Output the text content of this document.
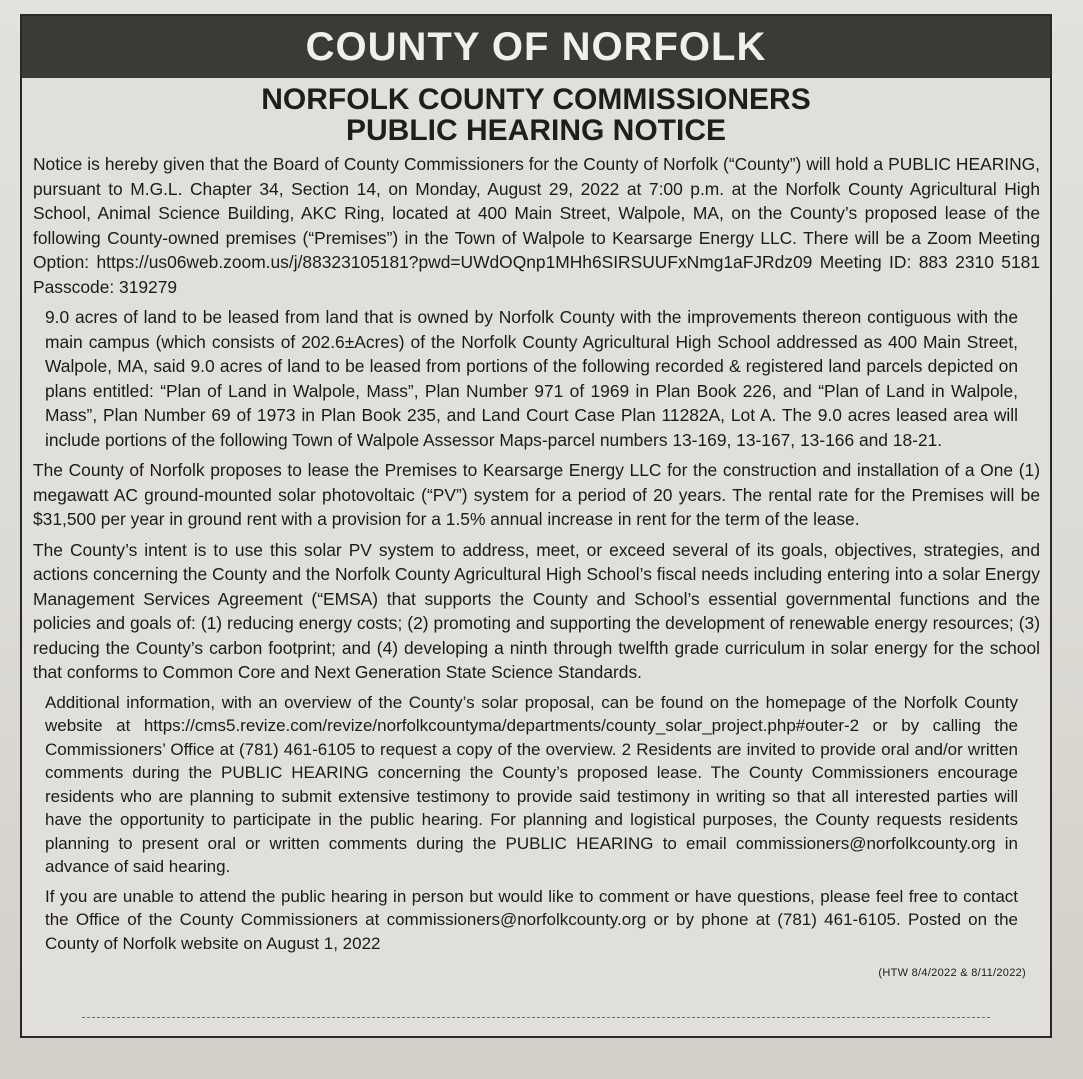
COUNTY OF NORFOLK
NORFOLK COUNTY COMMISSIONERS
PUBLIC HEARING NOTICE

Notice is hereby given that the Board of County Commissioners for the County of Norfolk (“County”) will hold a PUBLIC HEARING, pursuant to M.G.L. Chapter 34, Section 14, on Monday, August 29, 2022 at 7:00 p.m. at the Norfolk County Agricultural High School, Animal Science Building, AKC Ring, located at 400 Main Street, Walpole, MA, on the County’s proposed lease of the following County-owned premises (“Premises”) in the Town of Walpole to Kearsarge Energy LLC. There will be a Zoom Meeting Option: https://us06web.zoom.us/j/88323105181?pwd=UWdOQnp1MHh6SIRSUUFxNmg1aFJRdz09 Meeting ID: 883 2310 5181 Passcode: 319279

9.0 acres of land to be leased from land that is owned by Norfolk County with the improvements thereon contiguous with the main campus (which consists of 202.6±Acres) of the Norfolk County Agricultural High School addressed as 400 Main Street, Walpole, MA, said 9.0 acres of land to be leased from portions of the following recorded & registered land parcels depicted on plans entitled: “Plan of Land in Walpole, Mass”, Plan Number 971 of 1969 in Plan Book 226, and “Plan of Land in Walpole, Mass”, Plan Number 69 of 1973 in Plan Book 235, and Land Court Case Plan 11282A, Lot A. The 9.0 acres leased area will include portions of the following Town of Walpole Assessor Maps-parcel numbers 13-169, 13-167, 13-166 and 18-21.

The County of Norfolk proposes to lease the Premises to Kearsarge Energy LLC for the construction and installation of a One (1) megawatt AC ground-mounted solar photovoltaic (“PV”) system for a period of 20 years. The rental rate for the Premises will be $31,500 per year in ground rent with a provision for a 1.5% annual increase in rent for the term of the lease.

The County’s intent is to use this solar PV system to address, meet, or exceed several of its goals, objectives, strategies, and actions concerning the County and the Norfolk County Agricultural High School’s fiscal needs including entering into a solar Energy Management Services Agreement (“EMSA) that supports the County and School’s essential governmental functions and the policies and goals of: (1) reducing energy costs; (2) promoting and supporting the development of renewable energy resources; (3) reducing the County’s carbon footprint; and (4) developing a ninth through twelfth grade curriculum in solar energy for the school that conforms to Common Core and Next Generation State Science Standards.

Additional information, with an overview of the County’s solar proposal, can be found on the homepage of the Norfolk County website at https://cms5.revize.com/revize/norfolkcountyma/departments/county_solar_project.php#outer-2 or by calling the Commissioners’ Office at (781) 461-6105 to request a copy of the overview. 2 Residents are invited to provide oral and/or written comments during the PUBLIC HEARING concerning the County’s proposed lease. The County Commissioners encourage residents who are planning to submit extensive testimony to provide said testimony in writing so that all interested parties will have the opportunity to participate in the public hearing. For planning and logistical purposes, the County requests residents planning to present oral or written comments during the PUBLIC HEARING to email commissioners@norfolkcounty.org in advance of said hearing.

If you are unable to attend the public hearing in person but would like to comment or have questions, please feel free to contact the Office of the County Commissioners at commissioners@norfolkcounty.org or by phone at (781) 461-6105. Posted on the County of Norfolk website on August 1, 2022

(HTW 8/4/2022 & 8/11/2022)
